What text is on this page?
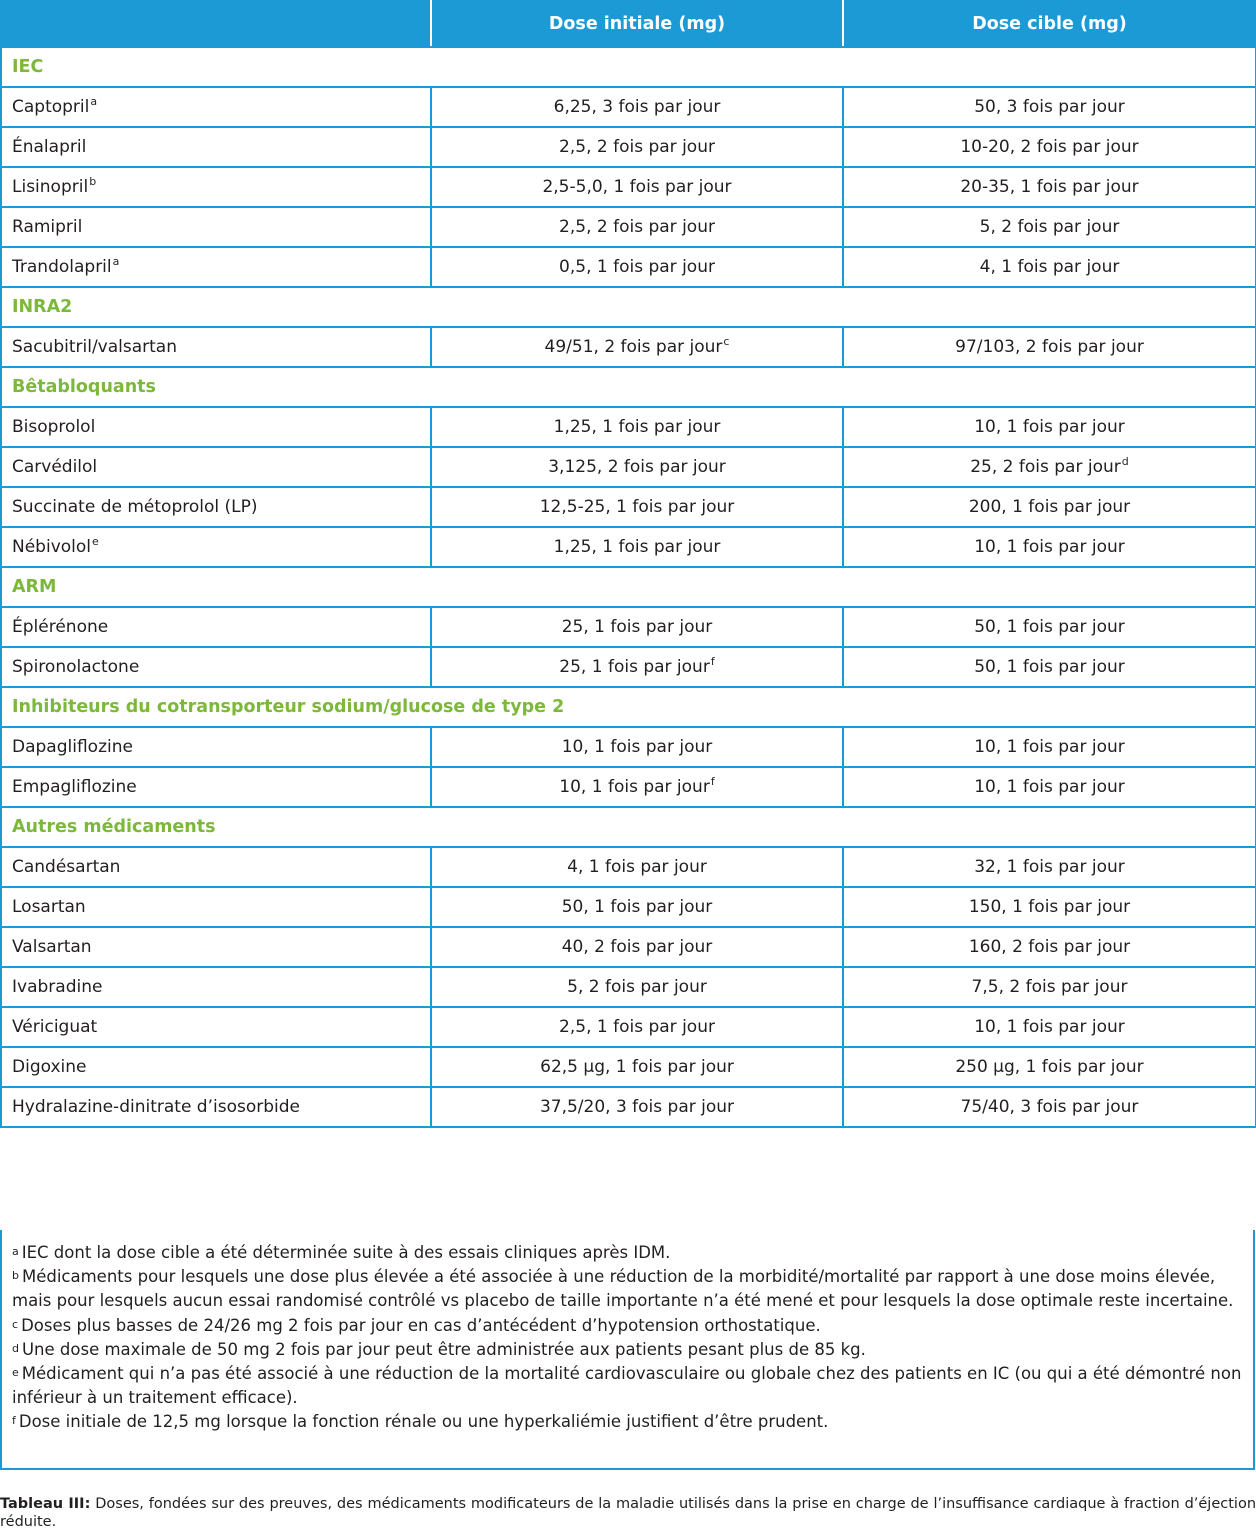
	Dose initiale (mg)	Dose cible (mg)
IEC		
Captopril$^a$	6,25, 3 fois par jour	50, 3 fois par jour
Énalapril	2,5, 2 fois par jour	10-20, 2 fois par jour
Lisinopril$^b$	2,5-5,0, 1 fois par jour	20-35, 1 fois par jour
Ramipril	2,5, 2 fois par jour	5, 2 fois par jour
Trandolapril$^a$	0,5, 1 fois par jour	4, 1 fois par jour
INRA2		
Sacubitril/valsartan	49/51, 2 fois par jour$^c$	97/103, 2 fois par jour
Bêtabloquants		
Bisoprolol	1,25, 1 fois par jour	10, 1 fois par jour
Carvédilol	3,125, 2 fois par jour	25, 2 fois par jour$^d$
Succinate de métoprolol (LP)	12,5-25, 1 fois par jour	200, 1 fois par jour
Nébivolol$^e$	1,25, 1 fois par jour	10, 1 fois par jour
ARM		
Éplérénone	25, 1 fois par jour	50, 1 fois par jour
Spironolactone	25, 1 fois par jour$^f$	50, 1 fois par jour
Inhibiteurs du cotransporteur sodium/glucose de type 2		
Dapagliflozine	10, 1 fois par jour	10, 1 fois par jour
Empagliflozine	10, 1 fois par jour$^f$	10, 1 fois par jour
Autres médicaments		
Candésartan	4, 1 fois par jour	32, 1 fois par jour
Losartan	50, 1 fois par jour	150, 1 fois par jour
Valsartan	40, 2 fois par jour	160, 2 fois par jour
Ivabradine	5, 2 fois par jour	7,5, 2 fois par jour
Vériciguat	2,5, 1 fois par jour	10, 1 fois par jour
Digoxine	62,5 µg, 1 fois par jour	250 µg, 1 fois par jour
Hydralazine-dinitrate d’isosorbide	37,5/20, 3 fois par jour	75/40, 3 fois par jour

$^a$ IEC dont la dose cible a été déterminée suite à des essais cliniques après IDM.

$^b$ Médicaments pour lesquels une dose plus élevée a été associée à une réduction de la morbidité/mortalité par rapport à une dose moins élevée, mais pour lesquels aucun essai randomisé contrôlé vs placebo de taille importante n’a été mené et pour lesquels la dose optimale reste incertaine.

$^c$ Doses plus basses de 24/26 mg 2 fois par jour en cas d’antécédent d’hypotension orthostatique.

$^d$ Une dose maximale de 50 mg 2 fois par jour peut être administrée aux patients pesant plus de 85 kg.

$^e$ Médicament qui n’a pas été associé à une réduction de la mortalité cardiovasculaire ou globale chez des patients en IC (ou qui a été démontré non inférieur à un traitement efficace).

$^f$ Dose initiale de 12,5 mg lorsque la fonction rénale ou une hyperkaliémie justifient d’être prudent.

Tableau III: Doses, fondées sur des preuves, des médicaments modificateurs de la maladie utilisés dans la prise en charge de l’insuffisance cardiaque à fraction d’éjection réduite.
